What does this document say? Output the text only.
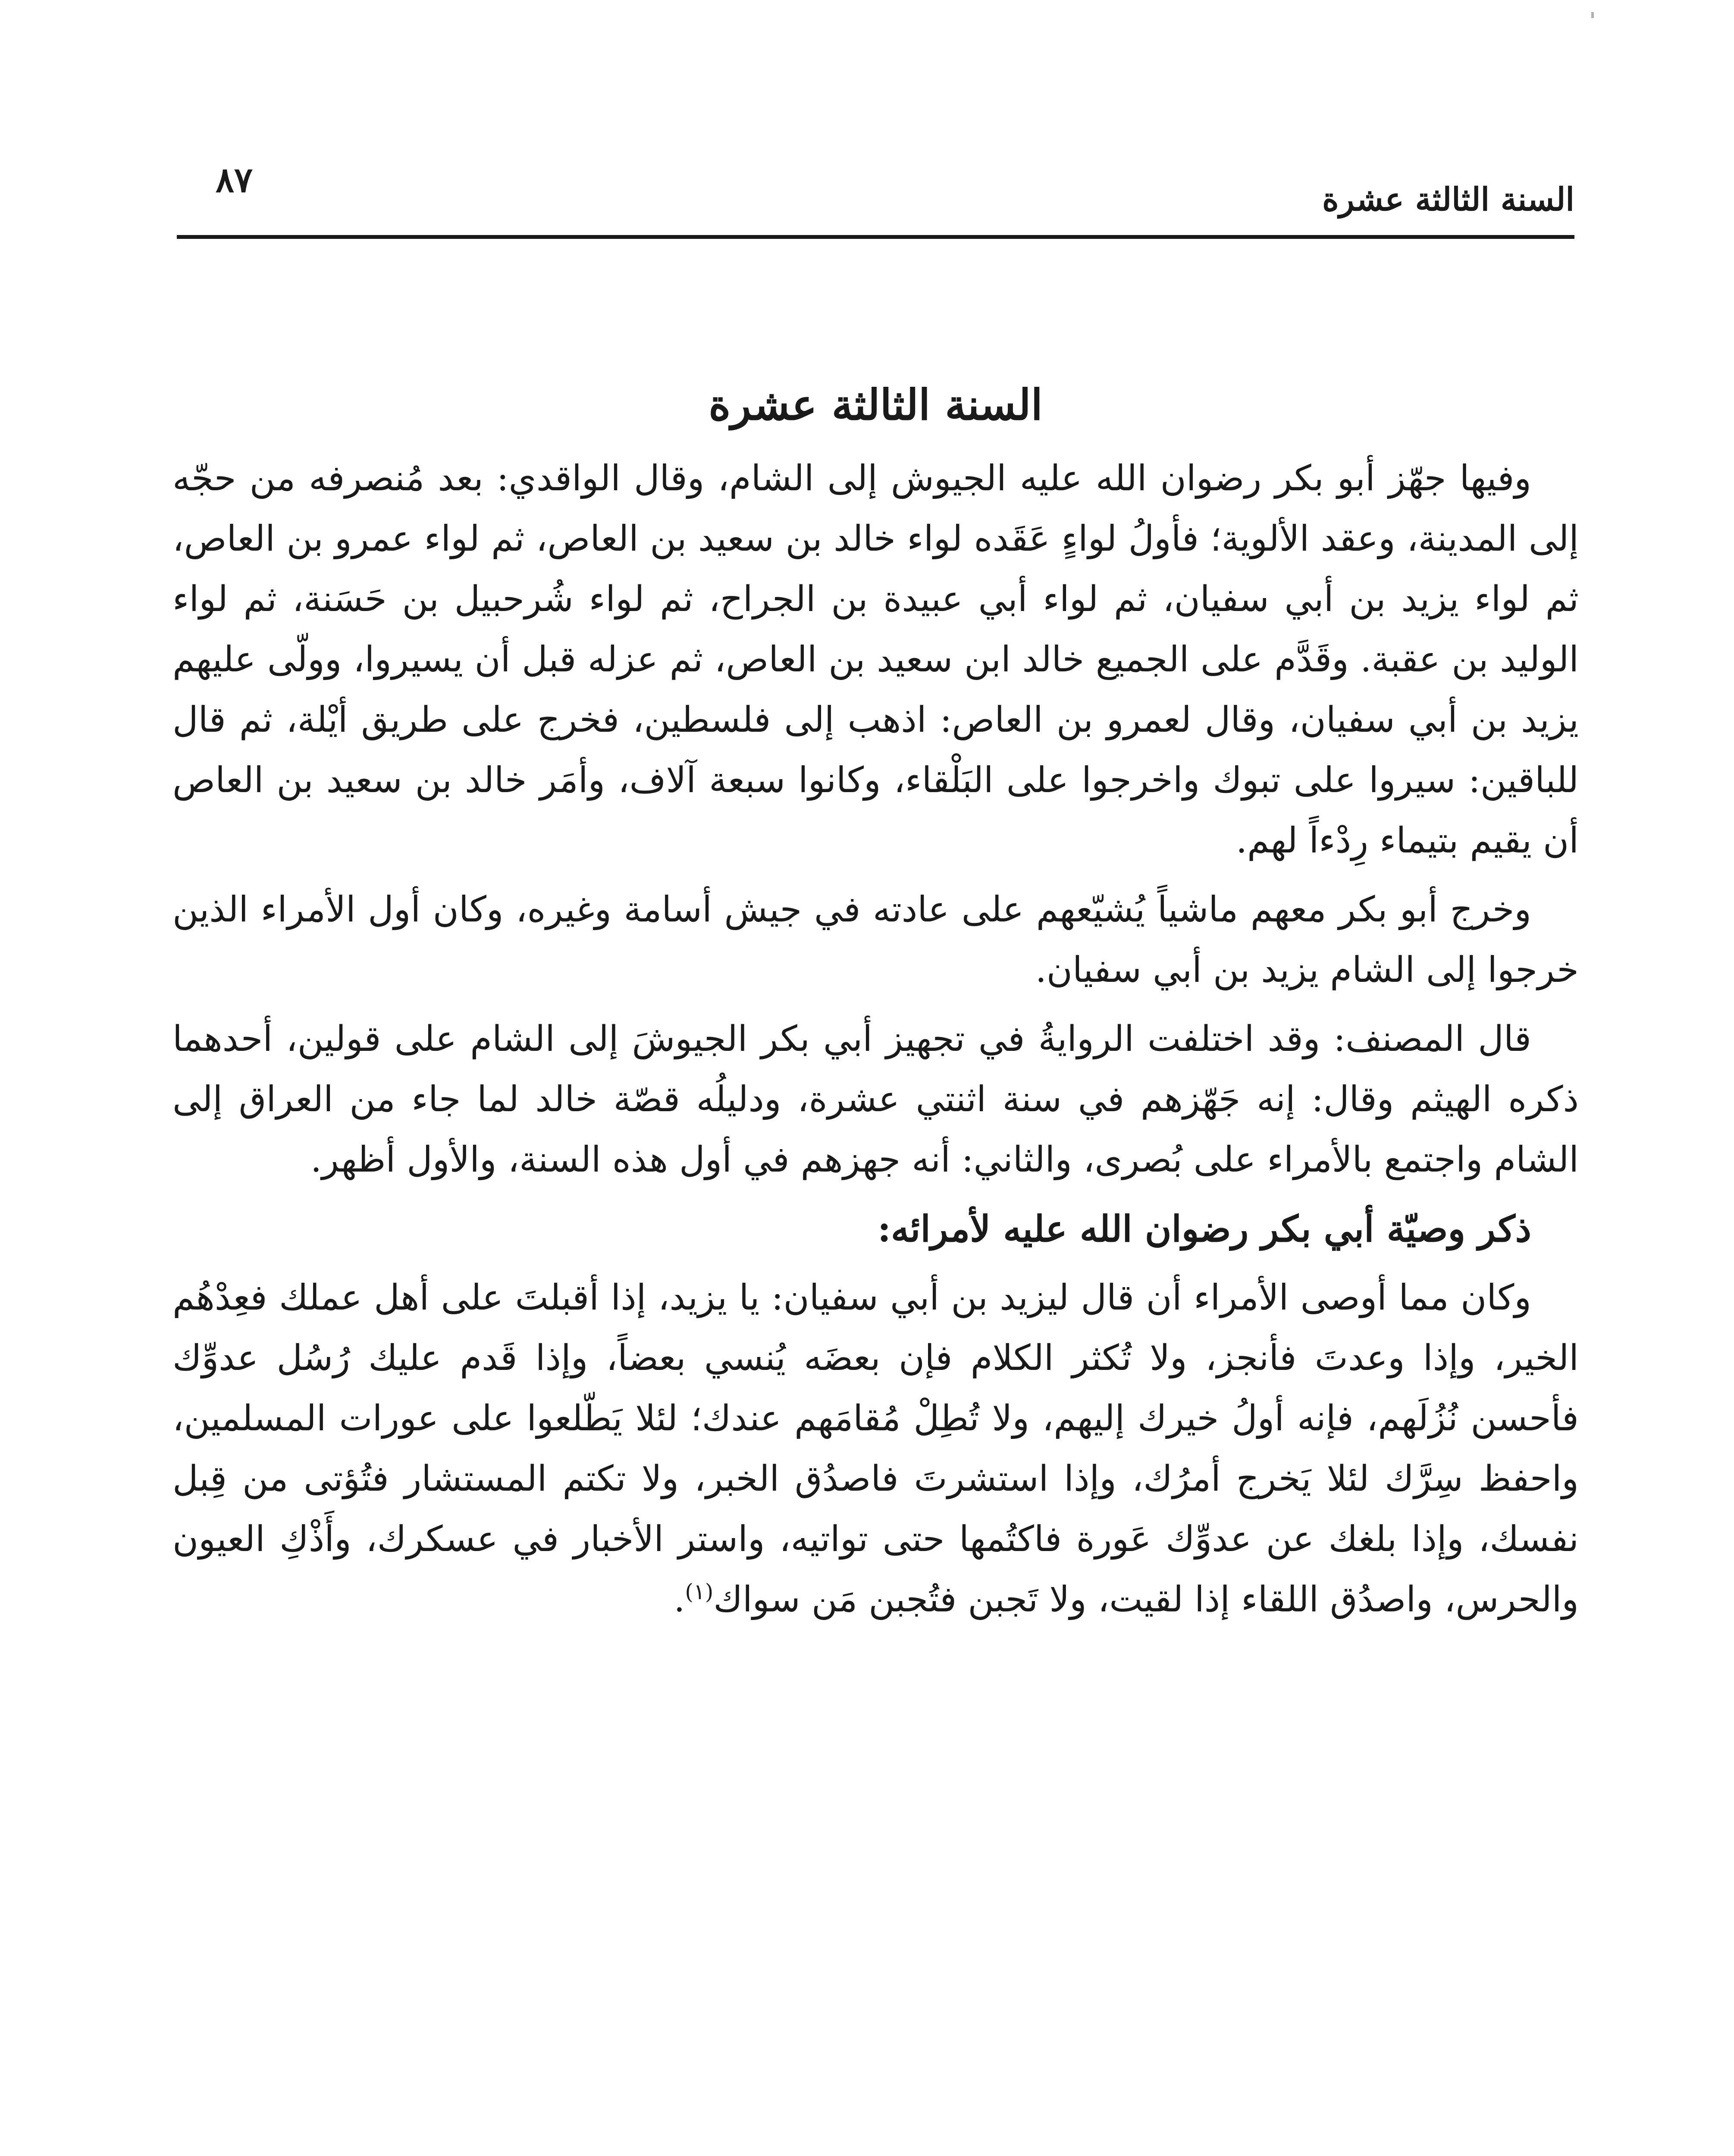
السنة الثالثة عشرة
٨٧
السنة الثالثة عشرة

وفيها جهّز أبو بكر رضوان الله عليه الجيوش إلى الشام، وقال الواقدي: بعد مُنصرفه من حجّه إلى المدينة، وعقد الألوية؛ فأولُ لواءٍ عَقَده لواء خالد بن سعيد بن العاص، ثم لواء عمرو بن العاص، ثم لواء يزيد بن أبي سفيان، ثم لواء أبي عبيدة بن الجراح، ثم لواء شُرحبيل بن حَسَنة، ثم لواء الوليد بن عقبة. وقَدَّم على الجميع خالد ابن سعيد بن العاص، ثم عزله قبل أن يسيروا، وولّى عليهم يزيد بن أبي سفيان، وقال لعمرو بن العاص: اذهب إلى فلسطين، فخرج على طريق أيْلة، ثم قال للباقين: سيروا على تبوك واخرجوا على البَلْقاء، وكانوا سبعة آلاف، وأمَر خالد بن سعيد بن العاص أن يقيم بتيماء رِدْءاً لهم.

وخرج أبو بكر معهم ماشياً يُشيّعهم على عادته في جيش أسامة وغيره، وكان أول الأمراء الذين خرجوا إلى الشام يزيد بن أبي سفيان.

قال المصنف: وقد اختلفت الروايةُ في تجهيز أبي بكر الجيوشَ إلى الشام على قولين، أحدهما ذكره الهيثم وقال: إنه جَهّزهم في سنة اثنتي عشرة، ودليلُه قصّة خالد لما جاء من العراق إلى الشام واجتمع بالأمراء على بُصرى، والثاني: أنه جهزهم في أول هذه السنة، والأول أظهر.

ذكر وصيّة أبي بكر رضوان الله عليه لأمرائه:

وكان مما أوصى الأمراء أن قال ليزيد بن أبي سفيان: يا يزيد، إذا أقبلتَ على أهل عملك فعِدْهُم الخير، وإذا وعدتَ فأنجز، ولا تُكثر الكلام فإن بعضَه يُنسي بعضاً، وإذا قَدم عليك رُسُل عدوِّك فأحسن نُزُلَهم، فإنه أولُ خيرك إليهم، ولا تُطِلْ مُقامَهم عندك؛ لئلا يَطّلعوا على عورات المسلمين، واحفظ سِرَّك لئلا يَخرج أمرُك، وإذا استشرتَ فاصدُق الخبر، ولا تكتم المستشار فتُؤتى من قِبل نفسك، وإذا بلغك عن عدوِّك عَورة فاكتُمها حتى تواتيه، واستر الأخبار في عسكرك، وأَذْكِ العيون والحرس، واصدُق اللقاء إذا لقيت، ولا تَجبن فتُجبن مَن سواك$^{(١)}$.
